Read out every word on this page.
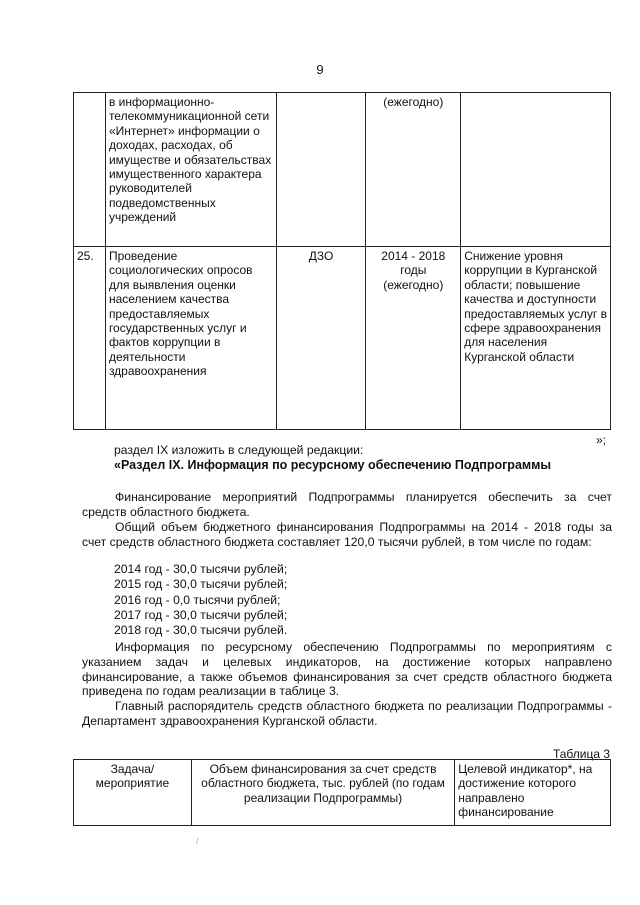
9
	в информационно-телекоммуникационной сети «Интернет» информации о доходах, расходах, об имуществе и обязательствах имущественного характера руководителей подведомственных учреждений		(ежегодно)	
25.	Проведение социологических опросов для выявления оценки населением качества предоставляемых государственных услуг и фактов коррупции в деятельности здравоохранения	ДЗО	2014 - 2018 годы (ежегодно)	Снижение уровня коррупции в Курганской области; повышение качества и доступности предоставляемых услуг в сфере здравоохранения для населения Курганской области
»;

раздел IX изложить в следующей редакции:

«Раздел IX. Информация по ресурсному обеспечению Подпрограммы

Финансирование мероприятий Подпрограммы планируется обеспечить за счет средств областного бюджета.

Общий объем бюджетного финансирования Подпрограммы на 2014 - 2018 годы за счет средств областного бюджета составляет 120,0 тысячи рублей, в том числе по годам:

2014 год - 30,0 тысячи рублей;
2015 год - 30,0 тысячи рублей;
2016 год - 0,0 тысячи рублей;
2017 год - 30,0 тысячи рублей;
2018 год - 30,0 тысячи рублей.

Информация по ресурсному обеспечению Подпрограммы по мероприятиям с указанием задач и целевых индикаторов, на достижение которых направлено финансирование, а также объемов финансирования за счет средств областного бюджета приведена по годам реализации в таблице 3.

Главный распорядитель средств областного бюджета по реализации Подпрограммы - Департамент здравоохранения Курганской области.

Таблица 3
Задача/ мероприятие	Объем финансирования за счет средств областного бюджета, тыс. рублей (по годам реализации Подпрограммы)	Целевой индикатор*, на достижение которого направлено финансирование
/
